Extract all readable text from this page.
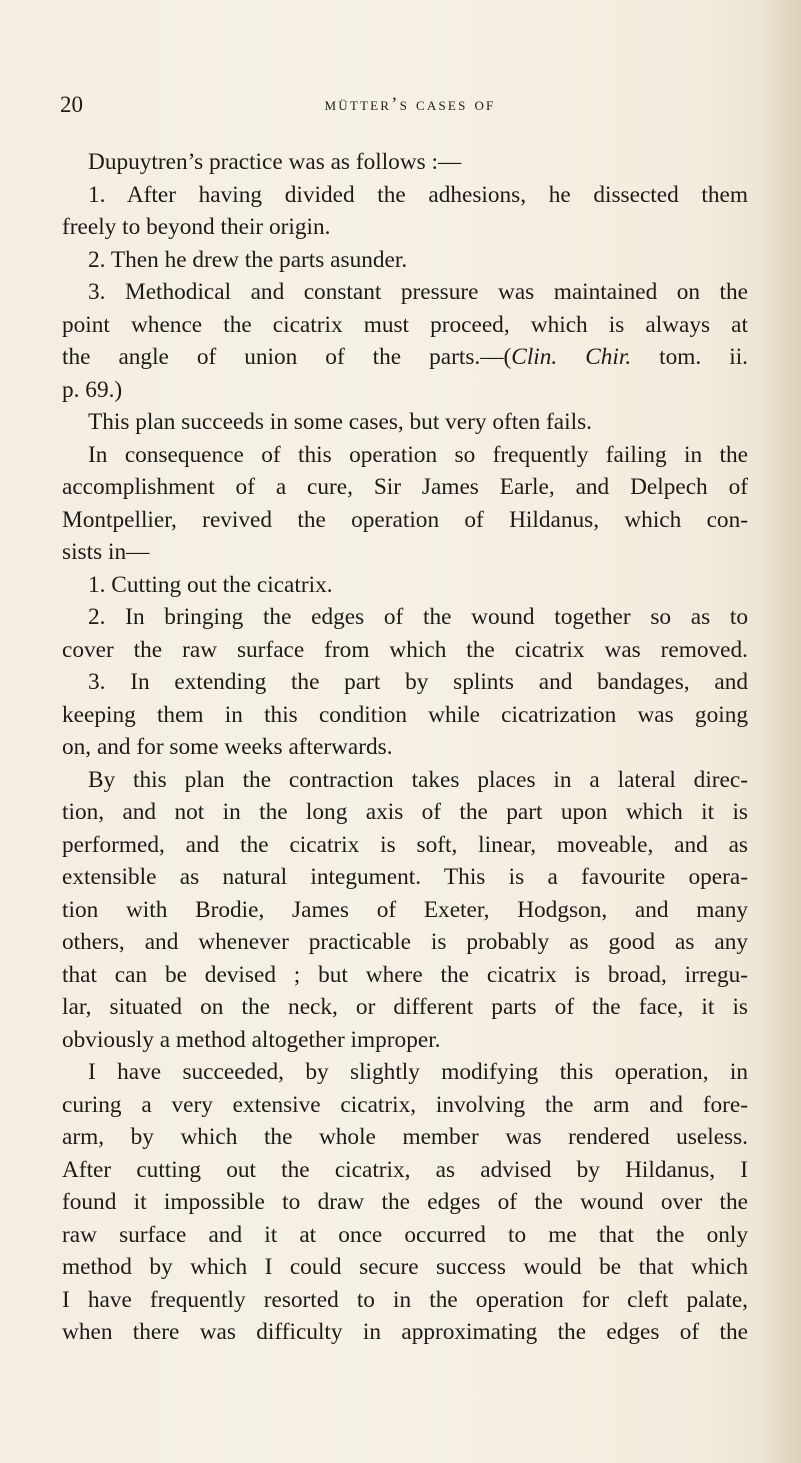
20	mütter’s cases of
Dupuytren’s practice was as follows :—
1. After having divided the adhesions, he dissected them
freely to beyond their origin.
2. Then he drew the parts asunder.
3. Methodical and constant pressure was maintained on the
point whence the cicatrix must proceed, which is always at
the angle of union of the parts.—(Clin. Chir. tom. ii.
p. 69.)
This plan succeeds in some cases, but very often fails.
In consequence of this operation so frequently failing in the
accomplishment of a cure, Sir James Earle, and Delpech of
Montpellier, revived the operation of Hildanus, which con-
sists in—
1. Cutting out the cicatrix.
2. In bringing the edges of the wound together so as to
cover the raw surface from which the cicatrix was removed.
3. In extending the part by splints and bandages, and
keeping them in this condition while cicatrization was going
on, and for some weeks afterwards.
By this plan the contraction takes places in a lateral direc-
tion, and not in the long axis of the part upon which it is
performed, and the cicatrix is soft, linear, moveable, and as
extensible as natural integument. This is a favourite opera-
tion with Brodie, James of Exeter, Hodgson, and many
others, and whenever practicable is probably as good as any
that can be devised ; but where the cicatrix is broad, irregu-
lar, situated on the neck, or different parts of the face, it is
obviously a method altogether improper.
I have succeeded, by slightly modifying this operation, in
curing a very extensive cicatrix, involving the arm and fore-
arm, by which the whole member was rendered useless.
After cutting out the cicatrix, as advised by Hildanus, I
found it impossible to draw the edges of the wound over the
raw surface and it at once occurred to me that the only
method by which I could secure success would be that which
I have frequently resorted to in the operation for cleft palate,
when there was difficulty in approximating the edges of the
